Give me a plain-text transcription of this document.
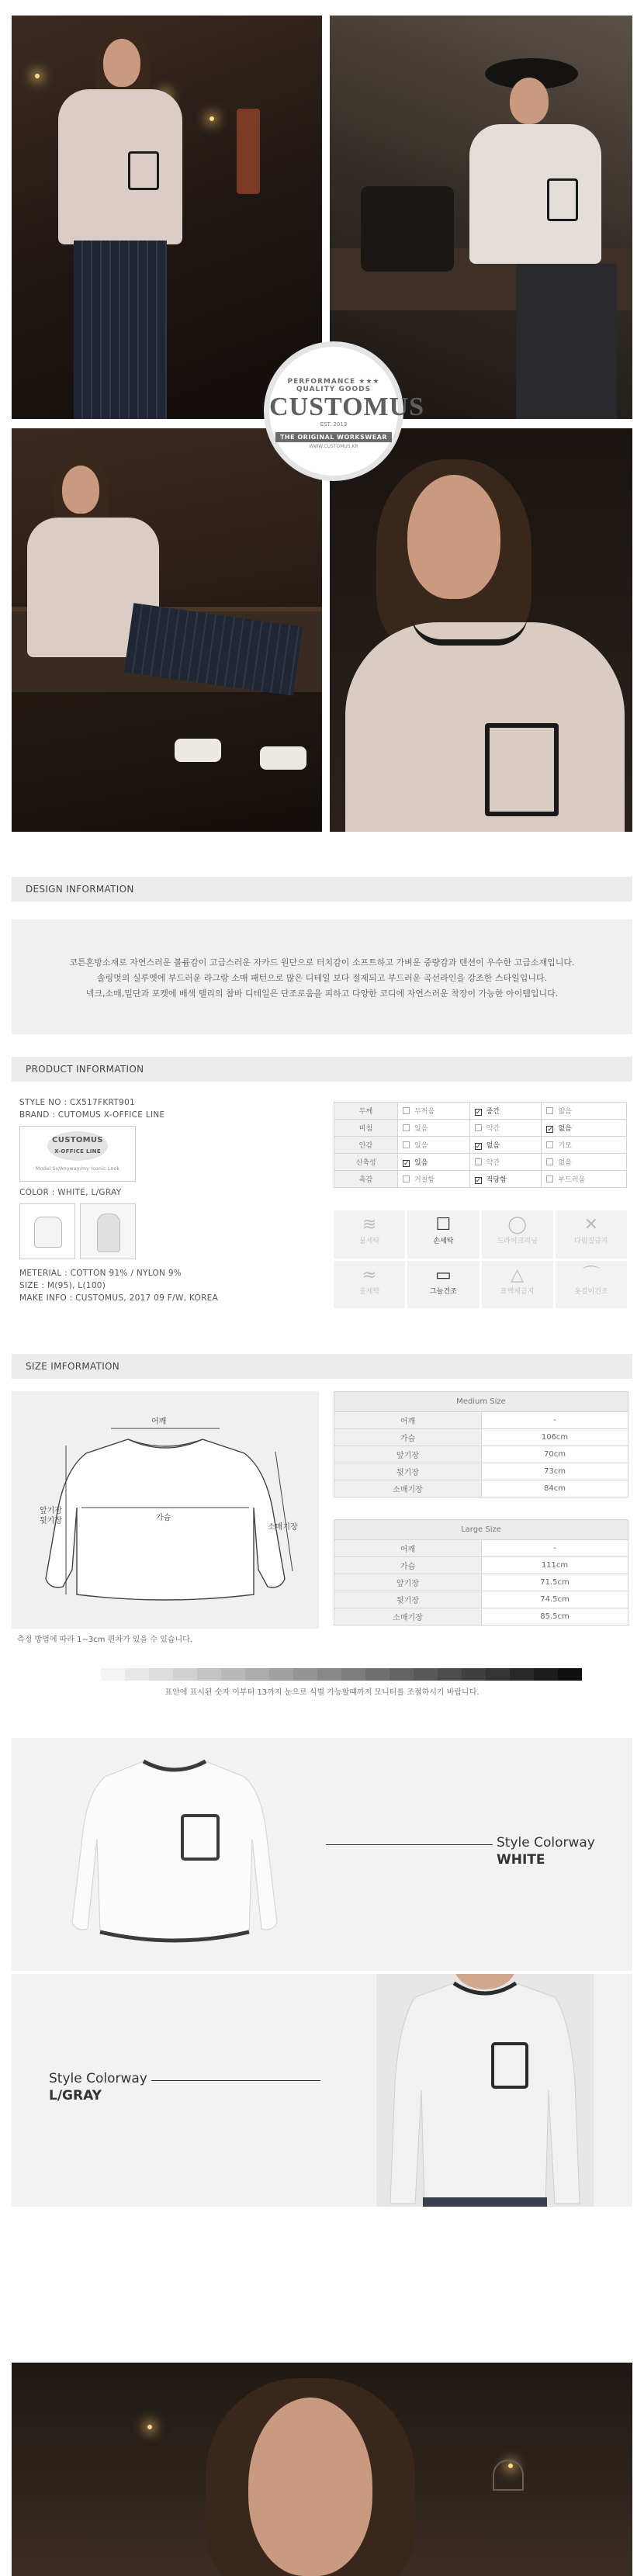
PERFORMANCE ★★★ QUALITY GOODS
CUSTOMUS
EST. 2013
THE ORIGINAL WORKSWEAR
WWW.CUSTOMUS.KR
DESIGN INFORMATION
코튼혼방소재로 자연스러운 볼륨감이 고급스러운 자카드 원단으로 터치감이 소프트하고 가벼운 중량감과 텐션이 우수한 고급소재입니다.
솔링멋의 실루엣에 부드러운 라그랑 소매 패턴으로 많은 디테일 보다 절제되고 부드러운 곡선라인을 강조한 스타일입니다.
넥크,소매,밑단과 포켓에 배색 텔리의 참바 디테일은 단조로움을 피하고 다양한 코디에 자연스러운 착장이 가능한 아이템입니다.
PRODUCT INFORMATION
STYLE NO : CX517FKRT901
BRAND : CUTOMUS X-OFFICE LINE
CUSTOMUS
X-OFFICE LINE
Model Ss/Anyway/my Iconic Look
COLOR : WHITE, L/GRAY
METERIAL : COTTON 91% / NYLON 9%
SIZE : M(95), L(100)
MAKE INFO : CUSTOMUS, 2017 09 F/W, KOREA
두께	두꺼움	✓ 중간	얇음
비침	있음	약간	✓ 없음
안감	있음	✓ 없음	기모
신축성	✓ 있음	약간	없음
촉감	거칠함	✓ 적당함	부드러움
≋
물세탁
☐
손세탁
◯
드라이크리닝
✕
다림질금지
≈
울세탁
▭
그늘건조
△
표백제금지
⌒
옷걸이건조
SIZE IMFORMATION
어깨
가슴
앞기장
뒷기장
소매기장
측정 방법에 따라 1~3cm 편차가 있을 수 있습니다.
Medium Size	
어깨	-
가슴	106cm
앞기장	70cm
뒷기장	73cm
소매기장	84cm
Large Size	
어깨	-
가슴	111cm
앞기장	71.5cm
뒷기장	74.5cm
소매기장	85.5cm
표안에 표시된 숫자 이부터 13까지 눈으로 식별 가능할때까지 모니터를 조절하시기 바랍니다.
Style Colorway
WHITE
Style Colorway
L/GRAY
